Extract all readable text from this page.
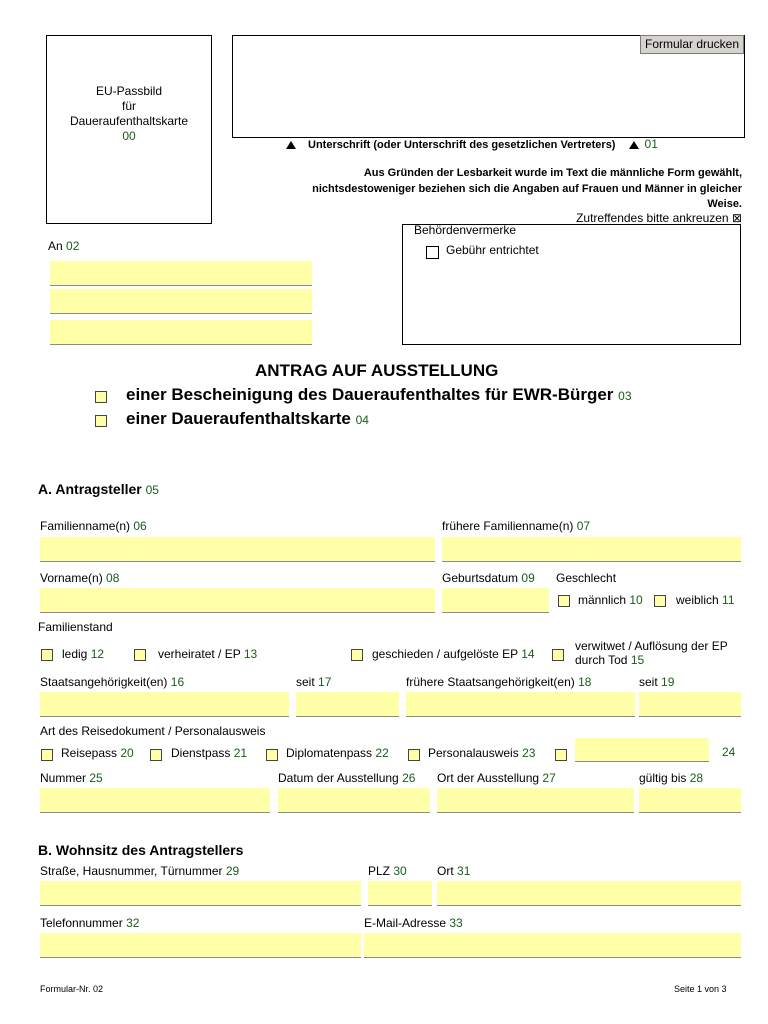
EU-Passbild
für
Daueraufenthaltskarte
00
Formular drucken
Unterschrift (oder Unterschrift des gesetzlichen Vertreters) 01
Aus Gründen der Lesbarkeit wurde im Text die männliche Form gewählt,
nichtsdestoweniger beziehen sich die Angaben auf Frauen und Männer in gleicher
Weise.
Zutreffendes bitte ankreuzen ⊠
Behördenvermerke
Gebühr entrichtet
An 02
ANTRAG AUF AUSSTELLUNG
einer Bescheinigung des Daueraufenthaltes für EWR-Bürger 03
einer Daueraufenthaltskarte 04
A. Antragsteller 05
Familienname(n) 06	frühere Familienname(n) 07
Vorname(n) 08	Geburtsdatum 09 Geschlecht
männlich 10	weiblich 11
Familienstand
ledig 12	verheiratet / EP 13	geschieden / aufgelöste EP 14
verwitwet / Auflösung der EP
durch Tod 15
Staatsangehörigkeit(en) 16	seit 17	frühere Staatsangehörigkeit(en) 18	seit 19
Art des Reisedokument / Personalausweis
Reisepass 20	Dienstpass 21	Diplomatenpass 22	Personalausweis 23	24
Nummer 25	Datum der Ausstellung 26 Ort der Ausstellung 27	gültig bis 28
B. Wohnsitz des Antragstellers
Straße, Hausnummer, Türnummer 29	PLZ 30	Ort 31
Telefonnummer 32	E-Mail-Adresse 33
Formular-Nr. 02	Seite 1 von 3
